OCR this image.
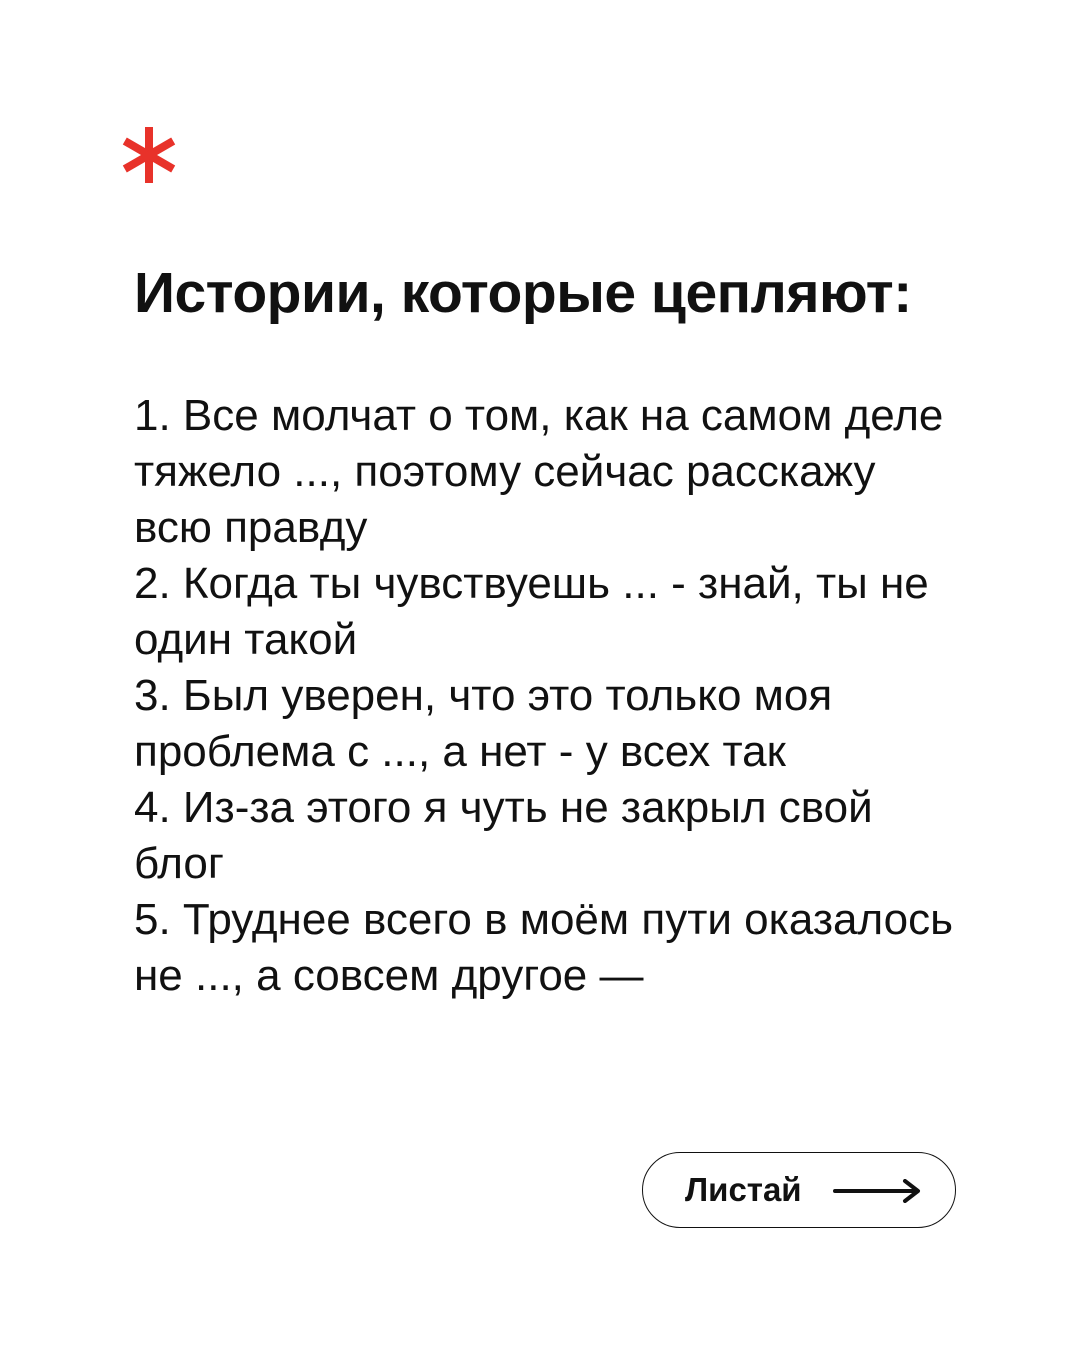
Истории, которые цепляют:
1. Все молчат о том, как на самом деле тяжело ..., поэтому сейчас расскажу всю правду
2. Когда ты чувствуешь ... - знай, ты не один такой
3. Был уверен, что это только моя проблема с ..., а нет - у всех так
4. Из-за этого я чуть не закрыл свой блог
5. Труднее всего в моём пути оказалось не ..., а совсем другое —
Листай
